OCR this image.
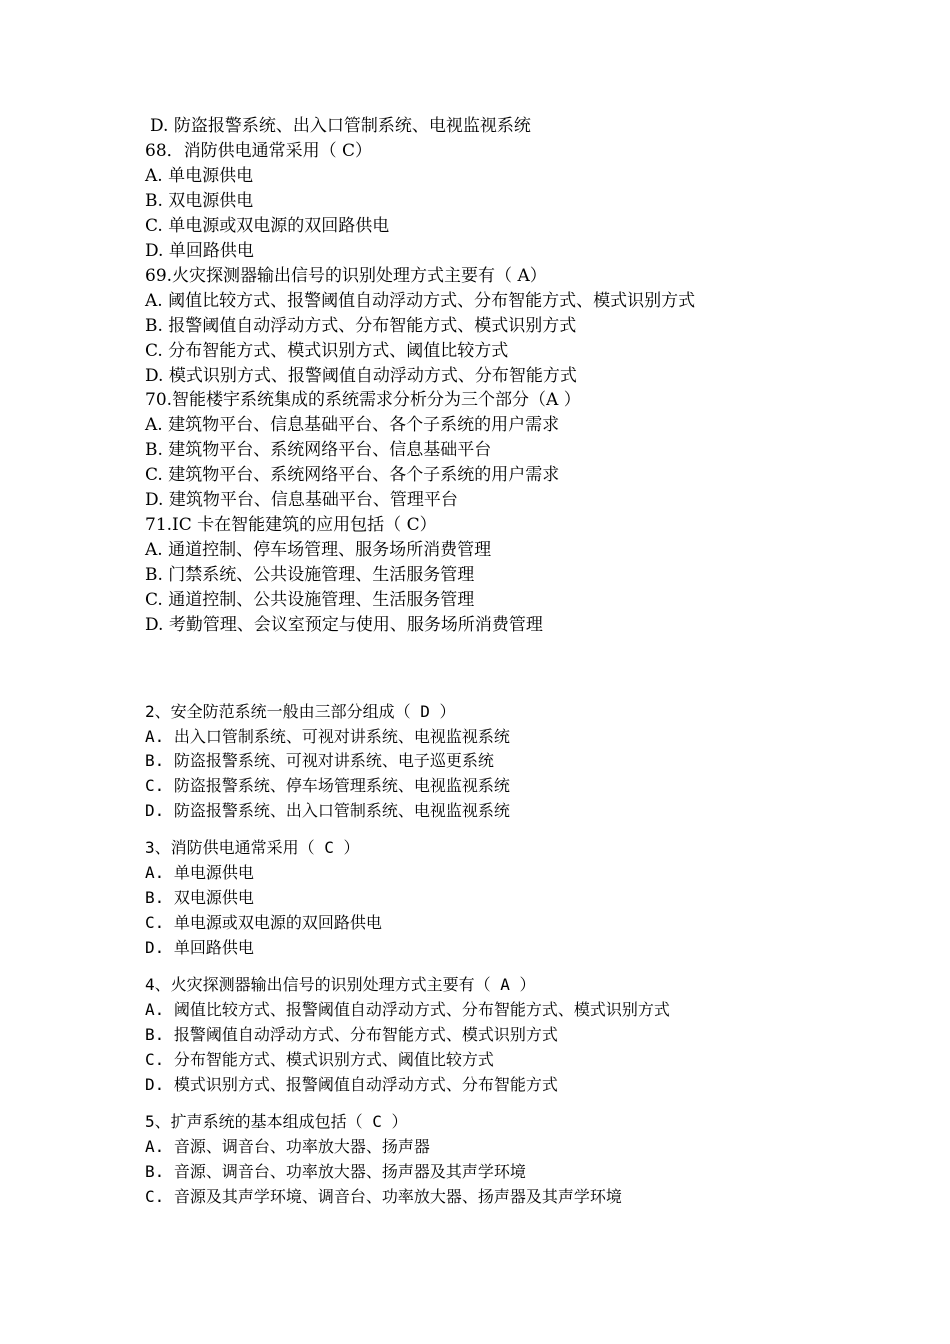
D. 防盗报警系统、出入口管制系统、电视监视系统

68．消防供电通常采用（ C）

A. 单电源供电

B. 双电源供电

C. 单电源或双电源的双回路供电

D. 单回路供电

69.火灾探测器输出信号的识别处理方式主要有（ A）

A. 阈值比较方式、报警阈值自动浮动方式、分布智能方式、模式识别方式

B. 报警阈值自动浮动方式、分布智能方式、模式识别方式

C. 分布智能方式、模式识别方式、阈值比较方式

D. 模式识别方式、报警阈值自动浮动方式、分布智能方式

70.智能楼宇系统集成的系统需求分析分为三个部分（A ）

A. 建筑物平台、信息基础平台、各个子系统的用户需求

B. 建筑物平台、系统网络平台、信息基础平台

C. 建筑物平台、系统网络平台、各个子系统的用户需求

D. 建筑物平台、信息基础平台、管理平台

71.IC 卡在智能建筑的应用包括（ C）

A. 通道控制、停车场管理、服务场所消费管理

B. 门禁系统、公共设施管理、生活服务管理

C. 通道控制、公共设施管理、生活服务管理

D. 考勤管理、会议室预定与使用、服务场所消费管理

2、安全防范系统一般由三部分组成（ D ）

A. 出入口管制系统、可视对讲系统、电视监视系统

B. 防盗报警系统、可视对讲系统、电子巡更系统

C. 防盗报警系统、停车场管理系统、电视监视系统

D. 防盗报警系统、出入口管制系统、电视监视系统

3、消防供电通常采用（ C ）

A. 单电源供电

B. 双电源供电

C. 单电源或双电源的双回路供电

D. 单回路供电

4、火灾探测器输出信号的识别处理方式主要有（ A ）

A. 阈值比较方式、报警阈值自动浮动方式、分布智能方式、模式识别方式

B. 报警阈值自动浮动方式、分布智能方式、模式识别方式

C. 分布智能方式、模式识别方式、阈值比较方式

D. 模式识别方式、报警阈值自动浮动方式、分布智能方式

5、扩声系统的基本组成包括（ C ）

A. 音源、调音台、功率放大器、扬声器

B. 音源、调音台、功率放大器、扬声器及其声学环境

C. 音源及其声学环境、调音台、功率放大器、扬声器及其声学环境
